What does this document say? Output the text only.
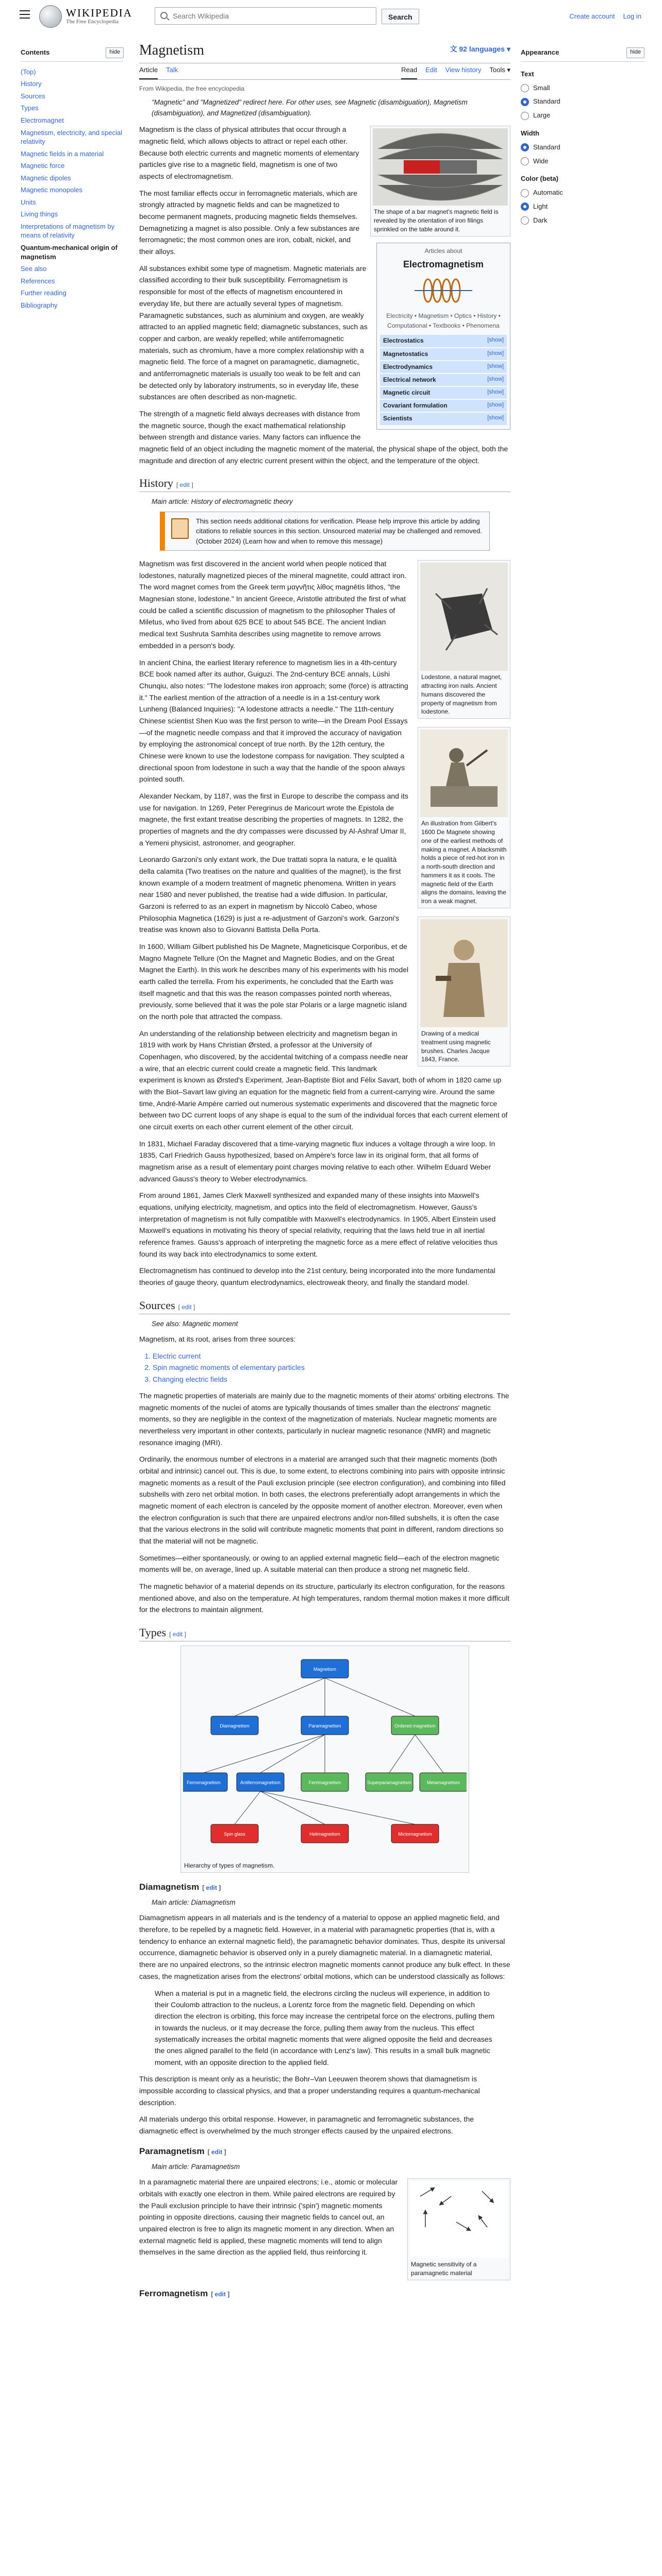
WIKIPEDIA
The Free Encyclopedia
Search Wikipedia
Search	Create account Log in
Contents	hide
(Top)
History
Sources
Types
Electromagnet
Magnetism, electricity, and special relativity
Magnetic fields in a material
Magnetic force
Magnetic dipoles
Magnetic monopoles
Units
Living things
Interpretations of magnetism by means of relativity
Quantum-mechanical origin of magnetism
See also
References
Further reading
Bibliography
Magnetism	文︎ 92 languages ▾
Article Talk	Read Edit View history Tools ▾
From Wikipedia, the free encyclopedia
"Magnetic" and "Magnetized" redirect here. For other uses, see Magnetic (disambiguation), Magnetism (disambiguation), and Magnetized (disambiguation).
The shape of a bar magnet's magnetic field is revealed by the orientation of iron filings sprinkled on the table around it.
Articles about
Electromagnetism
Electricity • Magnetism • Optics • History • Computational • Textbooks • Phenomena
Electrostatics	[show]
Magnetostatics	[show]
Electrodynamics	[show]
Electrical network	[show]
Magnetic circuit	[show]
Covariant formulation	[show]
Scientists	[show]

Magnetism is the class of physical attributes that occur through a magnetic field, which allows objects to attract or repel each other. Because both electric currents and magnetic moments of elementary particles give rise to a magnetic field, magnetism is one of two aspects of electromagnetism.

The most familiar effects occur in ferromagnetic materials, which are strongly attracted by magnetic fields and can be magnetized to become permanent magnets, producing magnetic fields themselves. Demagnetizing a magnet is also possible. Only a few substances are ferromagnetic; the most common ones are iron, cobalt, nickel, and their alloys.

All substances exhibit some type of magnetism. Magnetic materials are classified according to their bulk susceptibility. Ferromagnetism is responsible for most of the effects of magnetism encountered in everyday life, but there are actually several types of magnetism. Paramagnetic substances, such as aluminium and oxygen, are weakly attracted to an applied magnetic field; diamagnetic substances, such as copper and carbon, are weakly repelled; while antiferromagnetic materials, such as chromium, have a more complex relationship with a magnetic field. The force of a magnet on paramagnetic, diamagnetic, and antiferromagnetic materials is usually too weak to be felt and can be detected only by laboratory instruments, so in everyday life, these substances are often described as non-magnetic.

The strength of a magnetic field always decreases with distance from the magnetic source, though the exact mathematical relationship between strength and distance varies. Many factors can influence the magnetic field of an object including the magnetic moment of the material, the physical shape of the object, both the magnitude and direction of any electric current present within the object, and the temperature of the object.

History [ edit ]
Main article: History of electromagnetic theory
This section needs additional citations for verification. Please help improve this article by adding citations to reliable sources in this section. Unsourced material may be challenged and removed. (October 2024) (Learn how and when to remove this message)
Lodestone, a natural magnet, attracting iron nails. Ancient humans discovered the property of magnetism from lodestone.
An illustration from Gilbert's 1600 De Magnete showing one of the earliest methods of making a magnet. A blacksmith holds a piece of red-hot iron in a north-south direction and hammers it as it cools. The magnetic field of the Earth aligns the domains, leaving the iron a weak magnet.
Drawing of a medical treatment using magnetic brushes. Charles Jacque 1843, France.

Magnetism was first discovered in the ancient world when people noticed that lodestones, naturally magnetized pieces of the mineral magnetite, could attract iron. The word magnet comes from the Greek term μαγνῆτις λίθος magnētis lithos, "the Magnesian stone, lodestone." In ancient Greece, Aristotle attributed the first of what could be called a scientific discussion of magnetism to the philosopher Thales of Miletus, who lived from about 625 BCE to about 545 BCE. The ancient Indian medical text Sushruta Samhita describes using magnetite to remove arrows embedded in a person's body.

In ancient China, the earliest literary reference to magnetism lies in a 4th-century BCE book named after its author, Guiguzi. The 2nd-century BCE annals, Lüshi Chunqiu, also notes: "The lodestone makes iron approach; some (force) is attracting it." The earliest mention of the attraction of a needle is in a 1st-century work Lunheng (Balanced Inquiries): "A lodestone attracts a needle." The 11th-century Chinese scientist Shen Kuo was the first person to write—in the Dream Pool Essays—of the magnetic needle compass and that it improved the accuracy of navigation by employing the astronomical concept of true north. By the 12th century, the Chinese were known to use the lodestone compass for navigation. They sculpted a directional spoon from lodestone in such a way that the handle of the spoon always pointed south.

Alexander Neckam, by 1187, was the first in Europe to describe the compass and its use for navigation. In 1269, Peter Peregrinus de Maricourt wrote the Epistola de magnete, the first extant treatise describing the properties of magnets. In 1282, the properties of magnets and the dry compasses were discussed by Al-Ashraf Umar II, a Yemeni physicist, astronomer, and geographer.

Leonardo Garzoni's only extant work, the Due trattati sopra la natura, e le qualità della calamita (Two treatises on the nature and qualities of the magnet), is the first known example of a modern treatment of magnetic phenomena. Written in years near 1580 and never published, the treatise had a wide diffusion. In particular, Garzoni is referred to as an expert in magnetism by Niccolò Cabeo, whose Philosophia Magnetica (1629) is just a re-adjustment of Garzoni's work. Garzoni's treatise was known also to Giovanni Battista Della Porta.

In 1600, William Gilbert published his De Magnete, Magneticisque Corporibus, et de Magno Magnete Tellure (On the Magnet and Magnetic Bodies, and on the Great Magnet the Earth). In this work he describes many of his experiments with his model earth called the terrella. From his experiments, he concluded that the Earth was itself magnetic and that this was the reason compasses pointed north whereas, previously, some believed that it was the pole star Polaris or a large magnetic island on the north pole that attracted the compass.

An understanding of the relationship between electricity and magnetism began in 1819 with work by Hans Christian Ørsted, a professor at the University of Copenhagen, who discovered, by the accidental twitching of a compass needle near a wire, that an electric current could create a magnetic field. This landmark experiment is known as Ørsted's Experiment. Jean-Baptiste Biot and Félix Savart, both of whom in 1820 came up with the Biot–Savart law giving an equation for the magnetic field from a current-carrying wire. Around the same time, André-Marie Ampère carried out numerous systematic experiments and discovered that the magnetic force between two DC current loops of any shape is equal to the sum of the individual forces that each current element of one circuit exerts on each other current element of the other circuit.

In 1831, Michael Faraday discovered that a time-varying magnetic flux induces a voltage through a wire loop. In 1835, Carl Friedrich Gauss hypothesized, based on Ampère's force law in its original form, that all forms of magnetism arise as a result of elementary point charges moving relative to each other. Wilhelm Eduard Weber advanced Gauss's theory to Weber electrodynamics.

From around 1861, James Clerk Maxwell synthesized and expanded many of these insights into Maxwell's equations, unifying electricity, magnetism, and optics into the field of electromagnetism. However, Gauss's interpretation of magnetism is not fully compatible with Maxwell's electrodynamics. In 1905, Albert Einstein used Maxwell's equations in motivating his theory of special relativity, requiring that the laws held true in all inertial reference frames. Gauss's approach of interpreting the magnetic force as a mere effect of relative velocities thus found its way back into electrodynamics to some extent.

Electromagnetism has continued to develop into the 21st century, being incorporated into the more fundamental theories of gauge theory, quantum electrodynamics, electroweak theory, and finally the standard model.

Sources [ edit ]
See also: Magnetic moment

Magnetism, at its root, arises from three sources:

1. Electric current
2. Spin magnetic moments of elementary particles
3. Changing electric fields

The magnetic properties of materials are mainly due to the magnetic moments of their atoms' orbiting electrons. The magnetic moments of the nuclei of atoms are typically thousands of times smaller than the electrons' magnetic moments, so they are negligible in the context of the magnetization of materials. Nuclear magnetic moments are nevertheless very important in other contexts, particularly in nuclear magnetic resonance (NMR) and magnetic resonance imaging (MRI).

Ordinarily, the enormous number of electrons in a material are arranged such that their magnetic moments (both orbital and intrinsic) cancel out. This is due, to some extent, to electrons combining into pairs with opposite intrinsic magnetic moments as a result of the Pauli exclusion principle (see electron configuration), and combining into filled subshells with zero net orbital motion. In both cases, the electrons preferentially adopt arrangements in which the magnetic moment of each electron is canceled by the opposite moment of another electron. Moreover, even when the electron configuration is such that there are unpaired electrons and/or non-filled subshells, it is often the case that the various electrons in the solid will contribute magnetic moments that point in different, random directions so that the material will not be magnetic.

Sometimes—either spontaneously, or owing to an applied external magnetic field—each of the electron magnetic moments will be, on average, lined up. A suitable material can then produce a strong net magnetic field.

The magnetic behavior of a material depends on its structure, particularly its electron configuration, for the reasons mentioned above, and also on the temperature. At high temperatures, random thermal motion makes it more difficult for the electrons to maintain alignment.

Types [ edit ]
Magnetism
Diamagnetism	Paramagnetism	Ordered magnetism
Ferromagnetism	Antiferromagnetism	Ferrimagnetism	Superparamagnetism	Metamagnetism
Spin glass	Helimagnetism	Mictomagnetism
Hierarchy of types of magnetism.
Diamagnetism [ edit ]
Main article: Diamagnetism

Diamagnetism appears in all materials and is the tendency of a material to oppose an applied magnetic field, and therefore, to be repelled by a magnetic field. However, in a material with paramagnetic properties (that is, with a tendency to enhance an external magnetic field), the paramagnetic behavior dominates. Thus, despite its universal occurrence, diamagnetic behavior is observed only in a purely diamagnetic material. In a diamagnetic material, there are no unpaired electrons, so the intrinsic electron magnetic moments cannot produce any bulk effect. In these cases, the magnetization arises from the electrons' orbital motions, which can be understood classically as follows:

When a material is put in a magnetic field, the electrons circling the nucleus will experience, in addition to their Coulomb attraction to the nucleus, a Lorentz force from the magnetic field. Depending on which direction the electron is orbiting, this force may increase the centripetal force on the electrons, pulling them in towards the nucleus, or it may decrease the force, pulling them away from the nucleus. This effect systematically increases the orbital magnetic moments that were aligned opposite the field and decreases the ones aligned parallel to the field (in accordance with Lenz's law). This results in a small bulk magnetic moment, with an opposite direction to the applied field.

This description is meant only as a heuristic; the Bohr–Van Leeuwen theorem shows that diamagnetism is impossible according to classical physics, and that a proper understanding requires a quantum-mechanical description.

All materials undergo this orbital response. However, in paramagnetic and ferromagnetic substances, the diamagnetic effect is overwhelmed by the much stronger effects caused by the unpaired electrons.

Paramagnetism [ edit ]
Main article: Paramagnetism
Magnetic sensitivity of a paramagnetic material

In a paramagnetic material there are unpaired electrons; i.e., atomic or molecular orbitals with exactly one electron in them. While paired electrons are required by the Pauli exclusion principle to have their intrinsic ('spin') magnetic moments pointing in opposite directions, causing their magnetic fields to cancel out, an unpaired electron is free to align its magnetic moment in any direction. When an external magnetic field is applied, these magnetic moments will tend to align themselves in the same direction as the applied field, thus reinforcing it.

Ferromagnetism [ edit ]
Appearance	hide
Text
Small
Standard
Large
Width
Standard
Wide
Color (beta)
Automatic
Light
Dark
